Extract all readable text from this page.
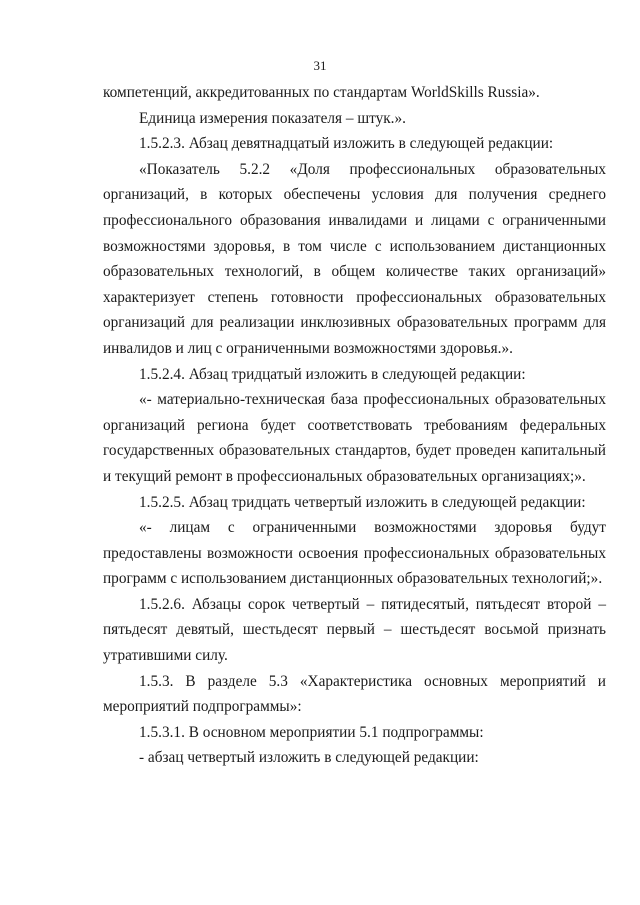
31

компетенций, аккредитованных по стандартам WorldSkills Russia».

Единица измерения показателя – штук.».

1.5.2.3. Абзац девятнадцатый изложить в следующей редакции:

«Показатель 5.2.2 «Доля профессиональных образовательных организаций, в которых обеспечены условия для получения среднего профессионального образования инвалидами и лицами с ограниченными возможностями здоровья, в том числе с использованием дистанционных образовательных технологий, в общем количестве таких организаций» характеризует степень готовности профессиональных образовательных организаций для реализации инклюзивных образовательных программ для инвалидов и лиц с ограниченными возможностями здоровья.».

1.5.2.4. Абзац тридцатый изложить в следующей редакции:

«- материально-техническая база профессиональных образовательных организаций региона будет соответствовать требованиям федеральных государственных образовательных стандартов, будет проведен капитальный и текущий ремонт в профессиональных образовательных организациях;».

1.5.2.5. Абзац тридцать четвертый изложить в следующей редакции:

«- лицам с ограниченными возможностями здоровья будут предоставлены возможности освоения профессиональных образовательных программ с использованием дистанционных образовательных технологий;».

1.5.2.6. Абзацы сорок четвертый – пятидесятый, пятьдесят второй – пятьдесят девятый, шестьдесят первый – шестьдесят восьмой признать утратившими силу.

1.5.3. В разделе 5.3 «Характеристика основных мероприятий и мероприятий подпрограммы»:

1.5.3.1. В основном мероприятии 5.1 подпрограммы:

- абзац четвертый изложить в следующей редакции:
